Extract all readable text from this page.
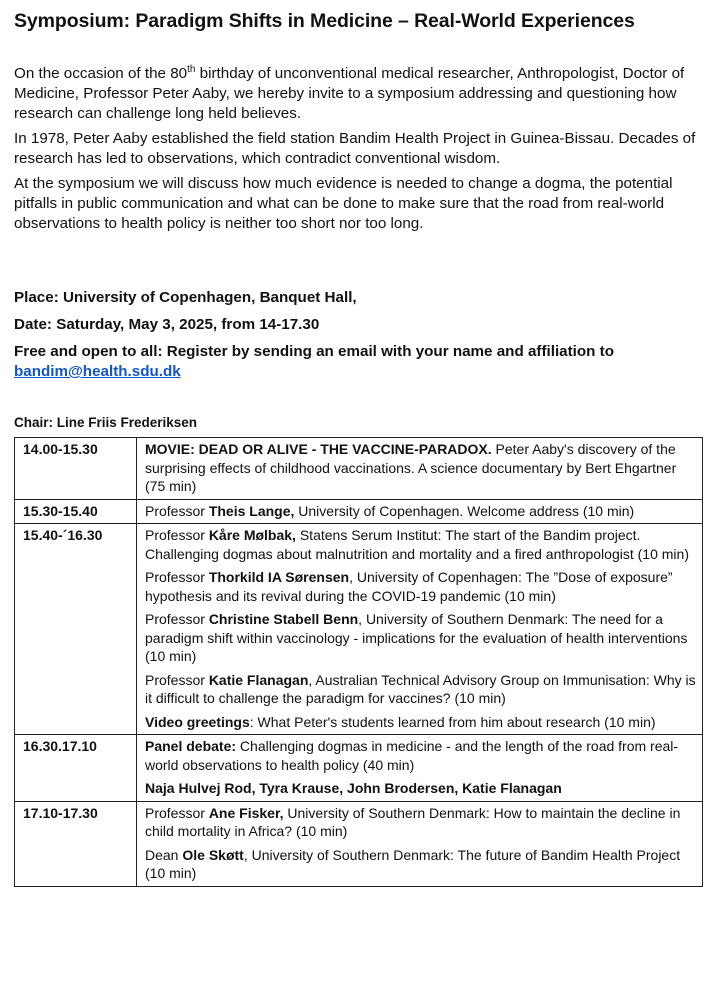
Symposium: Paradigm Shifts in Medicine – Real-World Experiences

On the occasion of the 80th birthday of unconventional medical researcher, Anthropologist, Doctor of Medicine, Professor Peter Aaby, we hereby invite to a symposium addressing and questioning how research can challenge long held believes.

In 1978, Peter Aaby established the field station Bandim Health Project in Guinea-Bissau. Decades of research has led to observations, which contradict conventional wisdom.

At the symposium we will discuss how much evidence is needed to change a dogma, the potential pitfalls in public communication and what can be done to make sure that the road from real-world observations to health policy is neither too short nor too long.

Place: University of Copenhagen, Banquet Hall,

Date: Saturday, May 3, 2025, from 14-17.30

Free and open to all: Register by sending an email with your name and affiliation to
bandim@health.sdu.dk

Chair: Line Friis Frederiksen
14.00-15.30	MOVIE: DEAD OR ALIVE - THE VACCINE-PARADOX. Peter Aaby's discovery of the surprising effects of childhood vaccinations. A science documentary by Bert Ehgartner (75 min)

15.30-15.40	Professor Theis Lange, University of Copenhagen. Welcome address (10 min)

15.40-´16.30	Professor Kåre Mølbak, Statens Serum Institut: The start of the Bandim project. Challenging dogmas about malnutrition and mortality and a fired anthropologist (10 min)

Professor Thorkild IA Sørensen, University of Copenhagen: The ”Dose of exposure” hypothesis and its revival during the COVID-19 pandemic (10 min)

Professor Christine Stabell Benn, University of Southern Denmark: The need for a paradigm shift within vaccinology - implications for the evaluation of health interventions (10 min)

Professor Katie Flanagan, Australian Technical Advisory Group on Immunisation: Why is it difficult to challenge the paradigm for vaccines? (10 min)

Video greetings: What Peter's students learned from him about research (10 min)

16.30.17.10	Panel debate: Challenging dogmas in medicine - and the length of the road from real-world observations to health policy (40 min)

Naja Hulvej Rod, Tyra Krause, John Brodersen, Katie Flanagan

17.10-17.30	Professor Ane Fisker, University of Southern Denmark: How to maintain the decline in child mortality in Africa? (10 min)

Dean Ole Skøtt, University of Southern Denmark: The future of Bandim Health Project (10 min)
